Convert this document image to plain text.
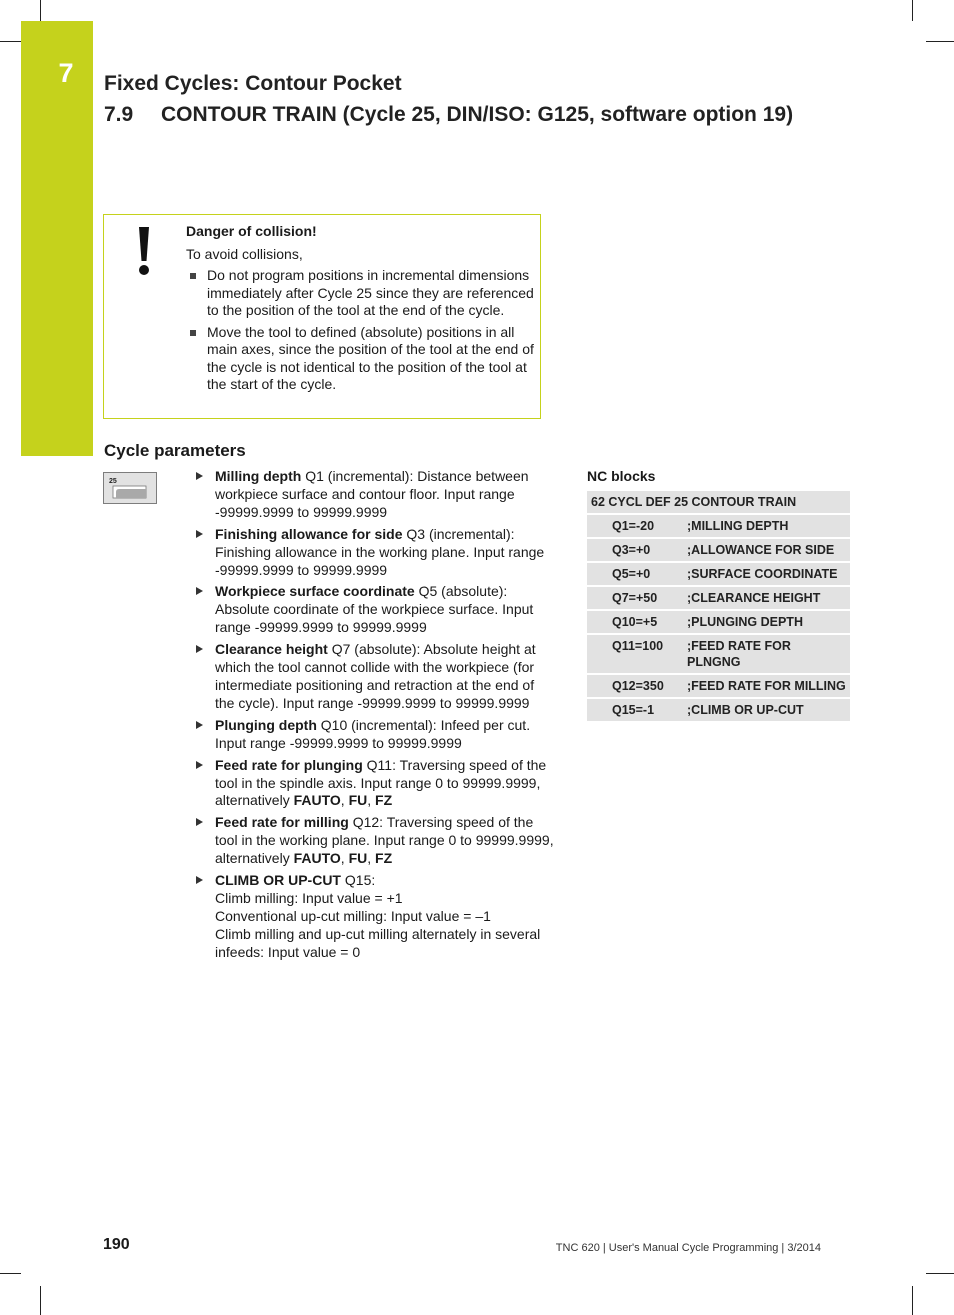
7	Fixed Cycles: Contour Pocket
7.9 CONTOUR TRAIN (Cycle 25, DIN/ISO: G125, software option 19)
Danger of collision!
To avoid collisions,
Do not program positions in incremental dimensions immediately after Cycle 25 since they are referenced to the position of the tool at the end of the cycle.
Move the tool to defined (absolute) positions in all main axes, since the position of the tool at the end of the cycle is not identical to the position of the tool at the start of the cycle.
Cycle parameters
25	Milling depth Q1 (incremental): Distance between workpiece surface and contour floor. Input range -99999.9999 to 99999.9999
Finishing allowance for side Q3 (incremental): Finishing allowance in the working plane. Input range -99999.9999 to 99999.9999
Workpiece surface coordinate Q5 (absolute): Absolute coordinate of the workpiece surface. Input range -99999.9999 to 99999.9999
Clearance height Q7 (absolute): Absolute height at which the tool cannot collide with the workpiece (for intermediate positioning and retraction at the end of the cycle). Input range -99999.9999 to 99999.9999
Plunging depth Q10 (incremental): Infeed per cut. Input range -99999.9999 to 99999.9999
Feed rate for plunging Q11: Traversing speed of the tool in the spindle axis. Input range 0 to 99999.9999, alternatively FAUTO, FU, FZ
Feed rate for milling Q12: Traversing speed of the tool in the working plane. Input range 0 to 99999.9999, alternatively FAUTO, FU, FZ
CLIMB OR UP-CUT Q15:
Climb milling: Input value = +1
Conventional up-cut milling: Input value = –1
Climb milling and up-cut milling alternately in several infeeds: Input value = 0
NC blocks
62 CYCL DEF 25 CONTOUR TRAIN	
Q1=-20	;MILLING DEPTH
Q3=+0	;ALLOWANCE FOR SIDE
Q5=+0	;SURFACE COORDINATE
Q7=+50	;CLEARANCE HEIGHT
Q10=+5	;PLUNGING DEPTH
Q11=100	;FEED RATE FOR PLNGNG
Q12=350	;FEED RATE FOR MILLING
Q15=-1	;CLIMB OR UP-CUT
190	TNC 620 | User's Manual Cycle Programming | 3/2014
